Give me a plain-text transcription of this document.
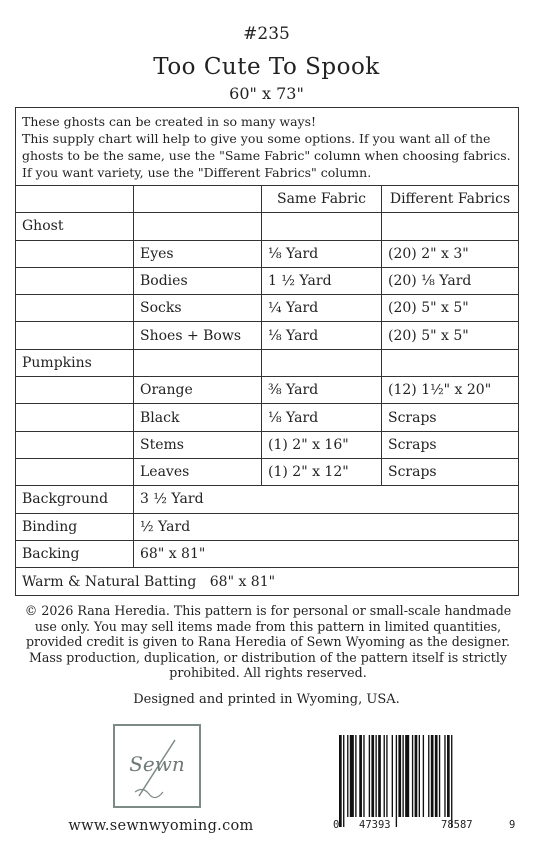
#235
Too Cute To Spook
60" x 73"
These ghosts can be created in so many ways!
This supply chart will help to give you some options. If you want all of the ghosts to be the same, use the "Same Fabric" column when choosing fabrics. If you want variety, use the "Different Fabrics" column.
Same Fabric	Different Fabrics
Ghost
Eyes	⅛ Yard	(20) 2" x 3"
Bodies	1 ½ Yard	(20) ⅛ Yard
Socks	¼ Yard	(20) 5" x 5"
Shoes + Bows	⅛ Yard	(20) 5" x 5"
Pumpkins
Orange	⅜ Yard	(12) 1½" x 20"
Black	⅛ Yard	Scraps
Stems	(1) 2" x 16"	Scraps
Leaves	(1) 2" x 12"	Scraps
Background	3 ½ Yard
Binding	½ Yard
Backing	68" x 81"
Warm & Natural Batting   68" x 81"
© 2026 Rana Heredia. This pattern is for personal or small-scale handmade use only. You may sell items made from this pattern in limited quantities, provided credit is given to Rana Heredia of Sewn Wyoming as the designer. Mass production, duplication, or distribution of the pattern itself is strictly prohibited. All rights reserved.
Designed and printed in Wyoming, USA.
Sewn
www.sewnwyoming.com	0 47393	78587	9
